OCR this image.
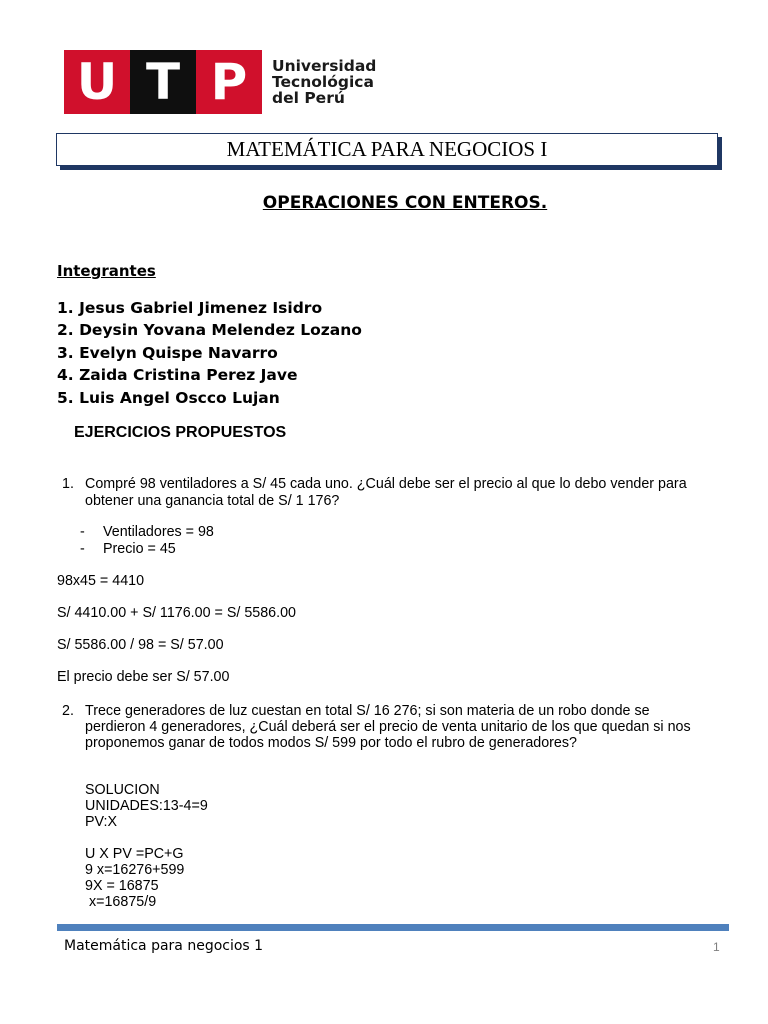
U T P	Universidad
Tecnológica
del Perú
MATEMÁTICA PARA NEGOCIOS I
OPERACIONES CON ENTEROS.
Integrantes
1. Jesus Gabriel Jimenez Isidro
2. Deysin Yovana Melendez Lozano
3. Evelyn Quispe Navarro
4. Zaida Cristina Perez Jave
5. Luis Angel Oscco Lujan
EJERCICIOS PROPUESTOS
1. Compré 98 ventiladores a S/ 45 cada uno. ¿Cuál debe ser el precio al que lo debo vender para
obtener una ganancia total de S/ 1 176?
- Ventiladores = 98
- Precio = 45
98x45 = 4410
S/ 4410.00 + S/ 1176.00 = S/ 5586.00
S/ 5586.00 / 98 = S/ 57.00
El precio debe ser S/ 57.00
2. Trece generadores de luz cuestan en total S/ 16 276; si son materia de un robo donde se
perdieron 4 generadores, ¿Cuál deberá ser el precio de venta unitario de los que quedan si nos
proponemos ganar de todos modos S/ 599 por todo el rubro de generadores?
SOLUCION
UNIDADES:13-4=9
PV:X
U X PV =PC+G
9 x=16276+599
9X = 16875
x=16875/9
Matemática para negocios 1	1
